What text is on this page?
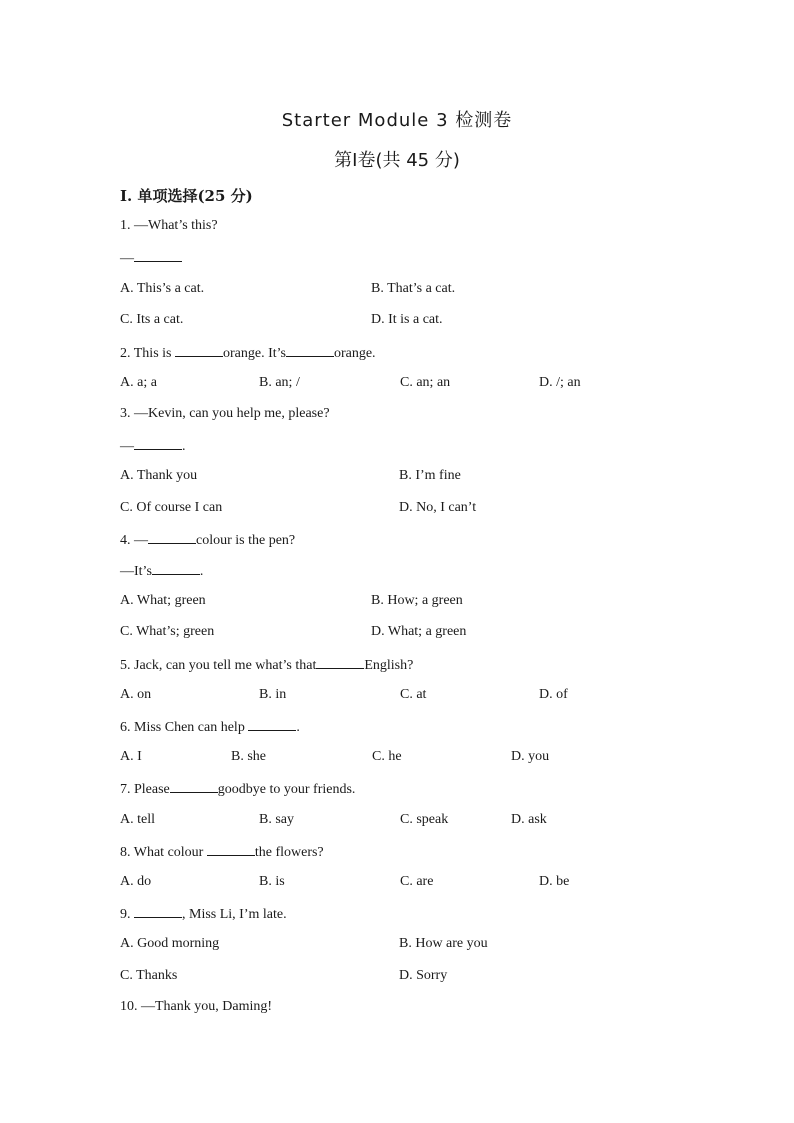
Starter Module 3 检测卷
第Ⅰ卷(共 45 分)
Ⅰ. 单项选择(25 分)
1. —What’s this?
—
A. This’s a cat.	B. That’s a cat.
C. Its a cat.	D. It is a cat.
2. This is	orange. It’s	orange.
A. a; a	B. an; /	C. an; an	D. /; an
3. —Kevin, can you help me, please?
—	.
A. Thank you	B. I’m fine
C. Of course I can	D. No, I can’t
4. —	colour is the pen?
—It’s	.
A. What; green	B. How; a green
C. What’s; green	D. What; a green
5. Jack, can you tell me what’s that	English?
A. on	B. in	C. at	D. of
6. Miss Chen can help	.
A. I	B. she	C. he	D. you
7. Please	goodbye to your friends.
A. tell	B. say	C. speak	D. ask
8. What colour	the flowers?
A. do	B. is	C. are	D. be
9.	, Miss Li, I’m late.
A. Good morning	B. How are you
C. Thanks	D. Sorry
10. —Thank you, Daming!
